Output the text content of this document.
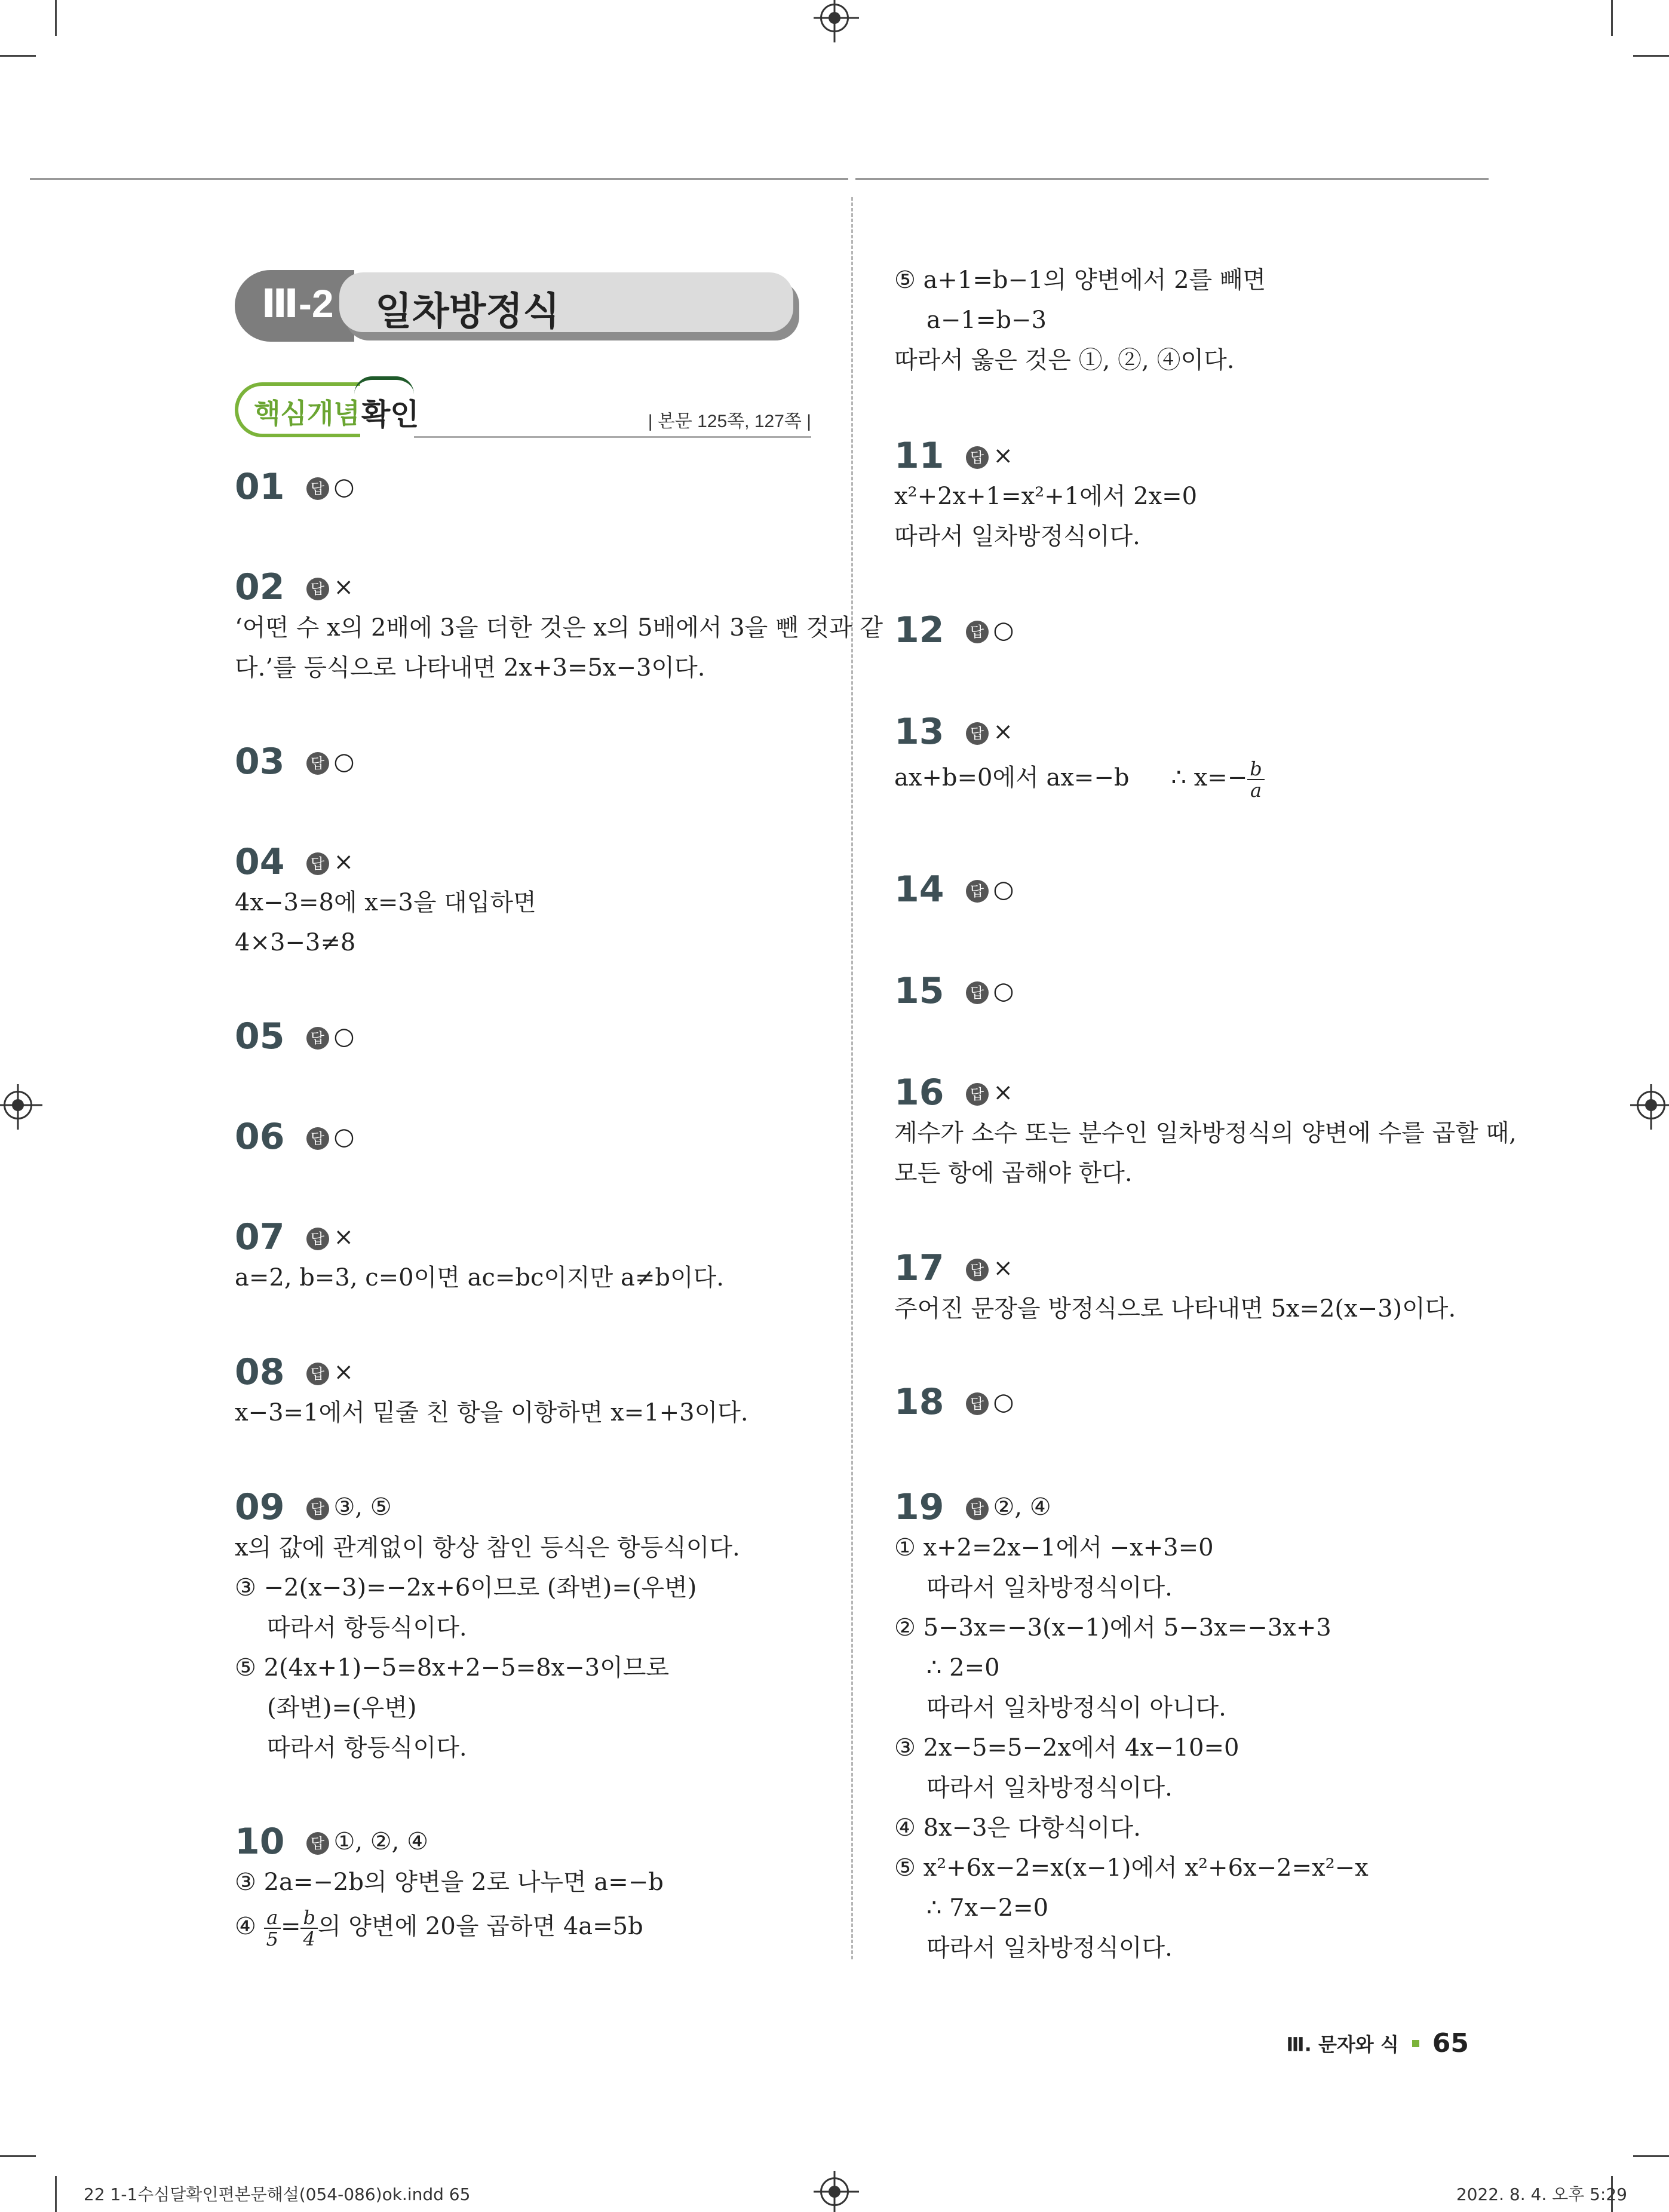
Ⅲ-2	일차방정식
핵심개념 확인	| 본문 125쪽, 127쪽 |
01 답 ○
02 답 ×
‘어떤 수 x의 2배에 3을 더한 것은 x의 5배에서 3을 뺀 것과 같
다.’를 등식으로 나타내면 2x+3=5x−3이다.
03 답 ○
04 답 ×
4x−3=8에 x=3을 대입하면
4×3−3≠8
05 답 ○
06 답 ○
07 답 ×
a=2, b=3, c=0이면 ac=bc이지만 a≠b이다.
08 답 ×
x−3=1에서 밑줄 친 항을 이항하면 x=1+3이다.
09 답 ③, ⑤
x의 값에 관계없이 항상 참인 등식은 항등식이다.
③ −2(x−3)=−2x+6이므로 (좌변)=(우변)
따라서 항등식이다.
⑤ 2(4x+1)−5=8x+2−5=8x−3이므로
(좌변)=(우변)
따라서 항등식이다.
10 답 ①, ②, ④
③ 2a=−2b의 양변을 2로 나누면 a=−b
④ $\frac{a}{5} = \frac{b}{4}$ 의 양변에 20을 곱하면 4a=5b
⑤ a+1=b−1의 양변에서 2를 빼면
a−1=b−3
따라서 옳은 것은 ①, ②, ④이다.
11 답 ×
x²+2x+1=x²+1에서 2x=0
따라서 일차방정식이다.
12 답 ○
13 답 ×
ax+b=0에서 ax=−b ∴ $x=- \frac{b}{a}$
14 답 ○
15 답 ○
16 답 ×
계수가 소수 또는 분수인 일차방정식의 양변에 수를 곱할 때,
모든 항에 곱해야 한다.
17 답 ×
주어진 문장을 방정식으로 나타내면 5x=2(x−3)이다.
18 답 ○
19 답 ②, ④
① x+2=2x−1에서 −x+3=0
따라서 일차방정식이다.
② 5−3x=−3(x−1)에서 5−3x=−3x+3
∴ 2=0
따라서 일차방정식이 아니다.
③ 2x−5=5−2x에서 4x−10=0
따라서 일차방정식이다.
④ 8x−3은 다항식이다.
⑤ x²+6x−2=x(x−1)에서 x²+6x−2=x²−x
∴ 7x−2=0
따라서 일차방정식이다.
Ⅲ. 문자와 식 65
22 1-1수심달확인편본문해설(054-086)ok.indd 65	2022. 8. 4. 오후 5:29
